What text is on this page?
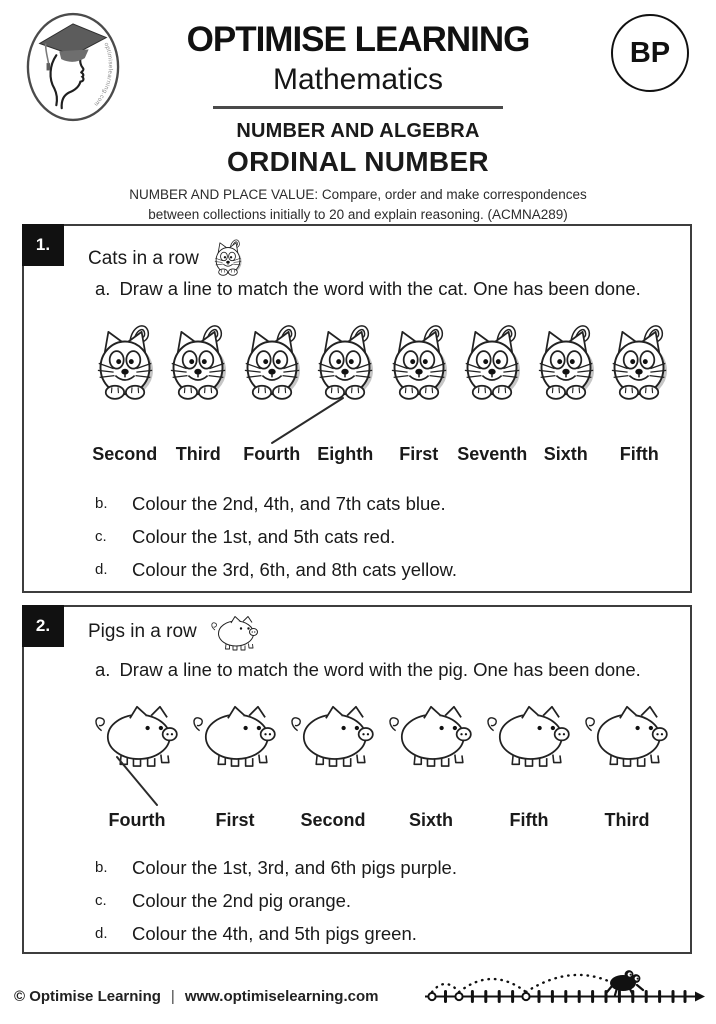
optimiselearning.com
OPTIMISE LEARNING
Mathematics
NUMBER AND ALGEBRA
ORDINAL NUMBER
NUMBER AND PLACE VALUE: Compare, order and make correspondences
between collections initially to 20 and explain reasoning. (ACMNA289)
BP
1.
Cats in a row
a. Draw a line to match the word with the cat. One has been done.
Second	Third	Fourth Eighth	First	Seventh Sixth	Fifth
b.	Colour the 2nd, 4th, and 7th cats blue.
c.	Colour the 1st, and 5th cats red.
d.	Colour the 3rd, 6th, and 8th cats yellow.
2.	Pigs in a row
a. Draw a line to match the word with the pig. One has been done.
Fourth	First	Second	Sixth	Fifth	Third
b.	Colour the 1st, 3rd, and 6th pigs purple.
c.	Colour the 2nd pig orange.
d.	Colour the 4th, and 5th pigs green.
© Optimise Learning | www.optimiselearning.com
